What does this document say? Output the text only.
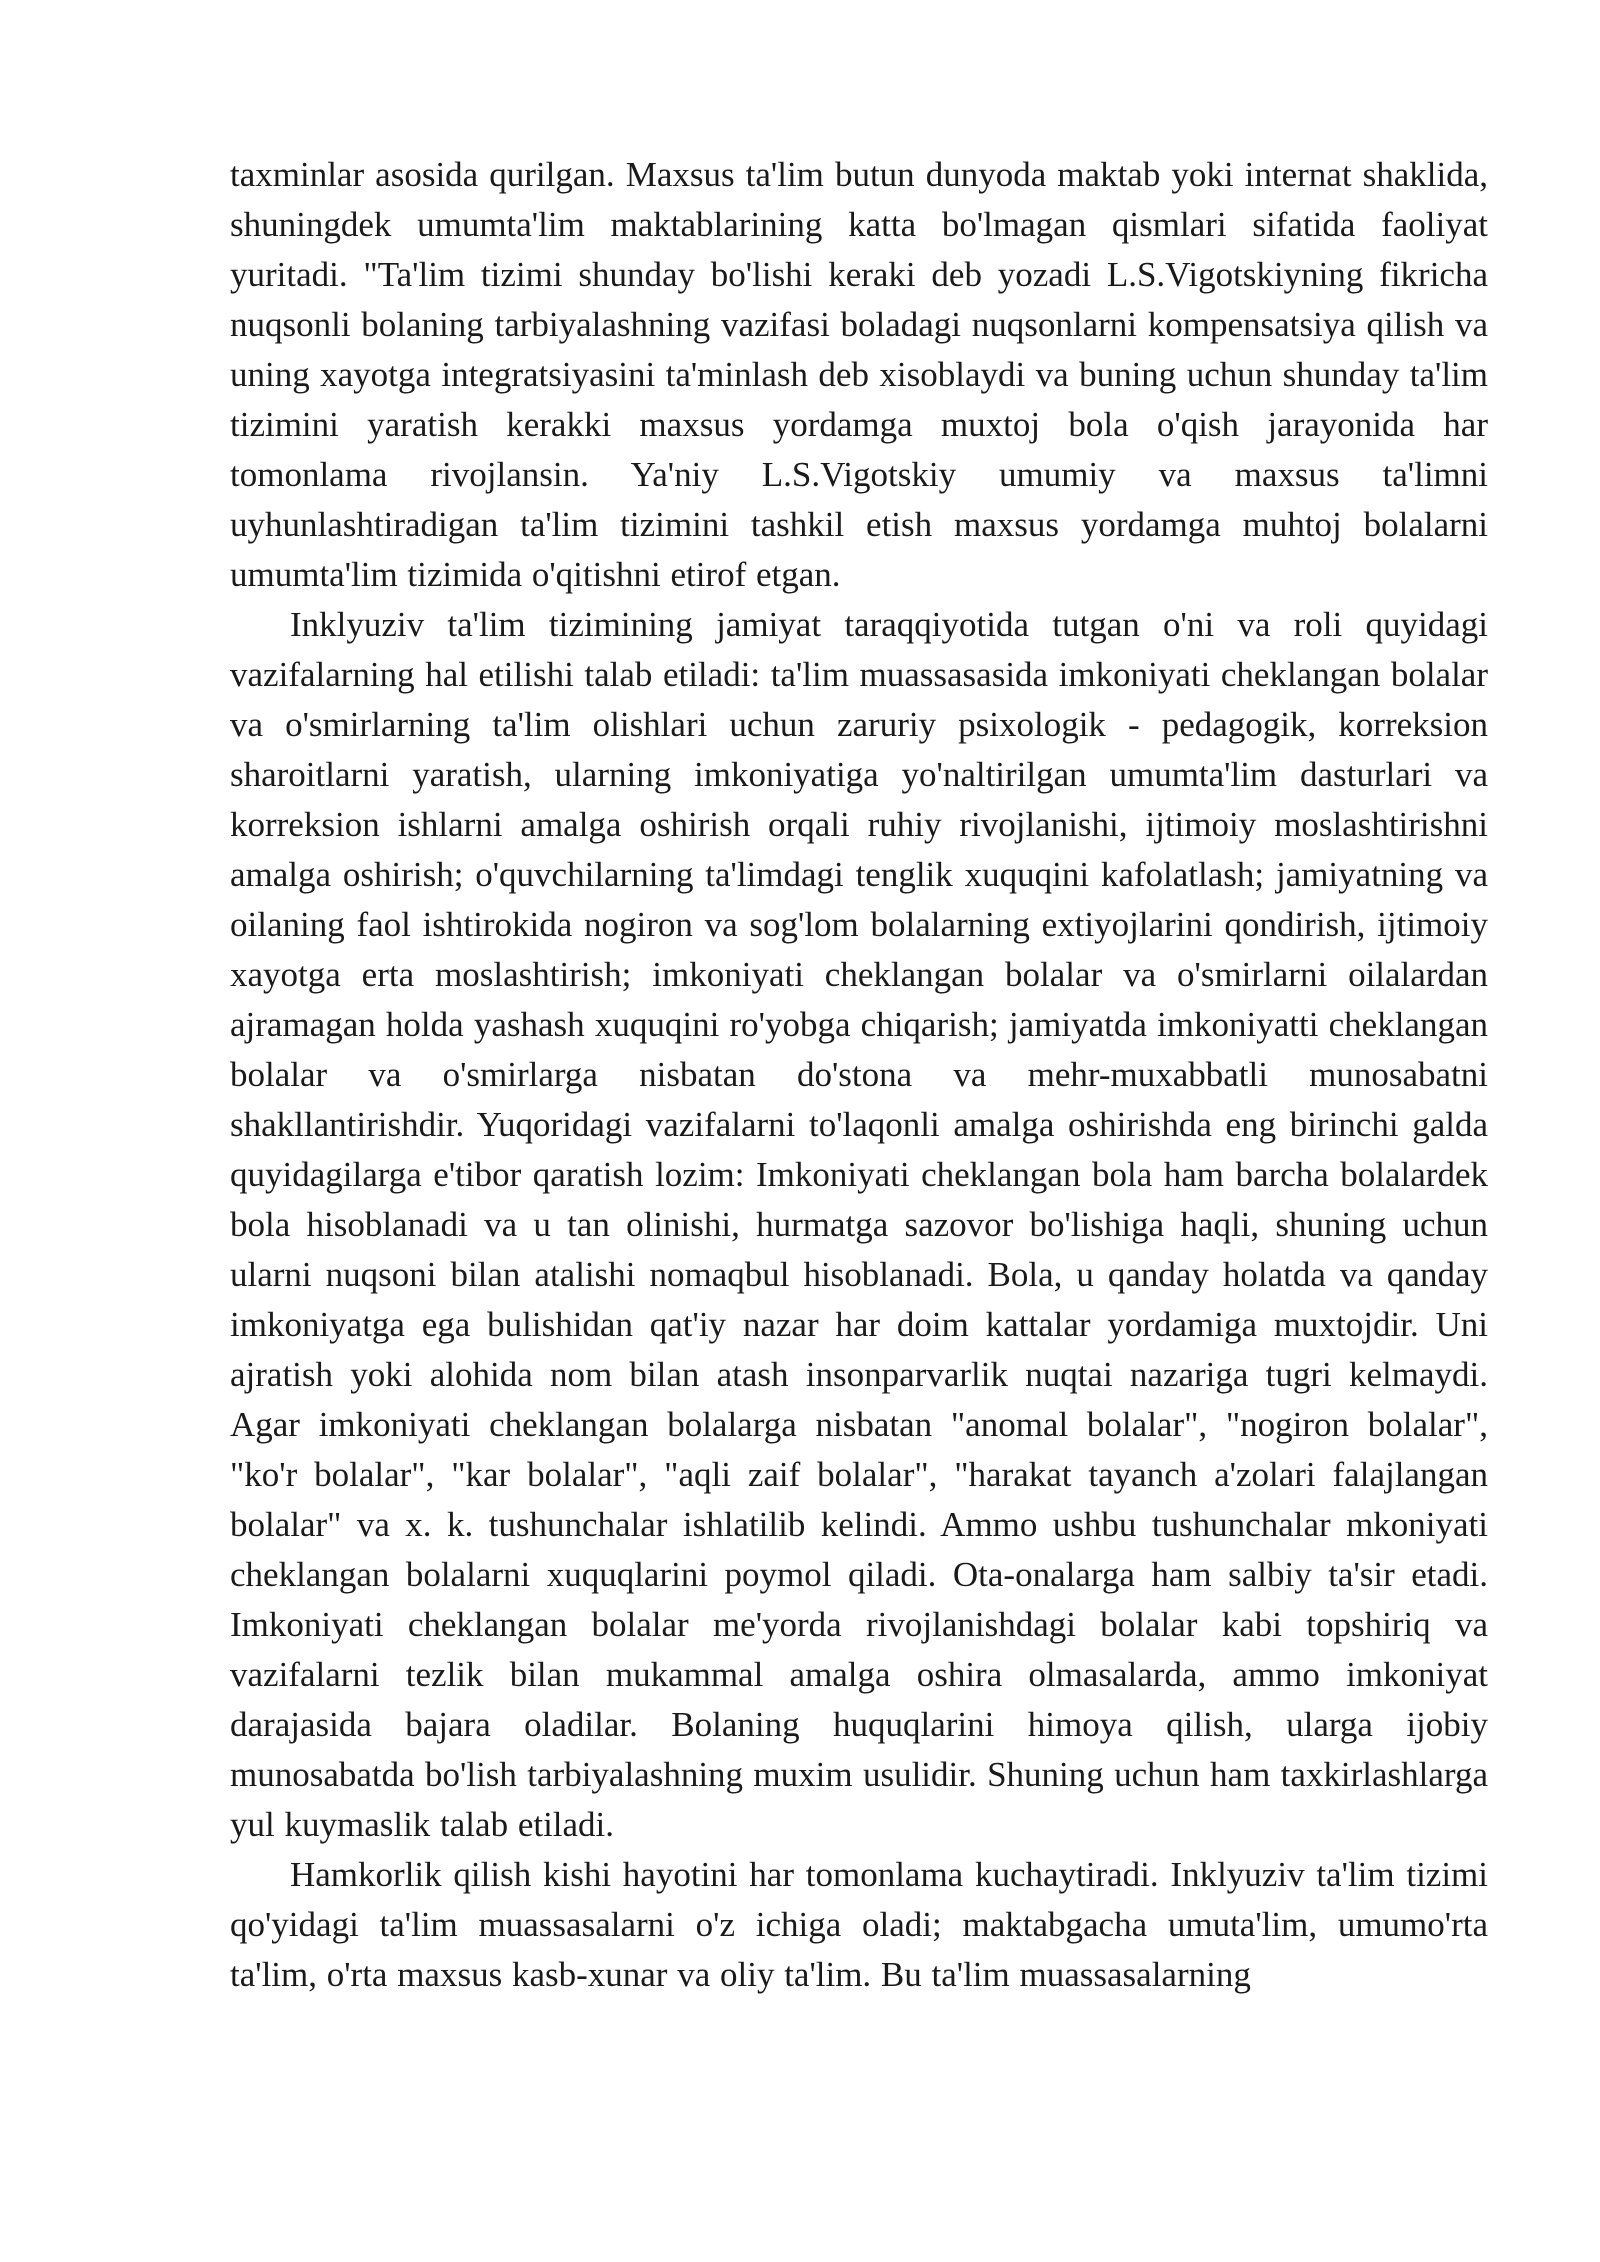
taxminlar asosida qurilgan. Maxsus ta'lim butun dunyoda maktab yoki internat shaklida, shuningdek umumta'lim maktablarining katta bo'lmagan qismlari sifatida faoliyat yuritadi. "Ta'lim tizimi shunday bo'lishi keraki deb yozadi L.S.Vigotskiyning fikricha nuqsonli bolaning tarbiyalashning vazifasi boladagi nuqsonlarni kompensatsiya qilish va uning xayotga integratsiyasini ta'minlash deb xisoblaydi va buning uchun shunday ta'lim tizimini yaratish kerakki maxsus yordamga muxtoj bola o'qish jarayonida har tomonlama rivojlansin. Ya'niy L.S.Vigotskiy umumiy va maxsus ta'limni uyhunlashtiradigan ta'lim tizimini tashkil etish maxsus yordamga muhtoj bolalarni umumta'lim tizimida o'qitishni etirof etgan.

Inklyuziv ta'lim tizimining jamiyat taraqqiyotida tutgan o'ni va roli quyidagi vazifalarning hal etilishi talab etiladi: ta'lim muassasasida imkoniyati cheklangan bolalar va o'smirlarning ta'lim olishlari uchun zaruriy psixologik - pedagogik, korreksion sharoitlarni yaratish, ularning imkoniyatiga yo'naltirilgan umumta'lim dasturlari va korreksion ishlarni amalga oshirish orqali ruhiy rivojlanishi, ijtimoiy moslashtirishni amalga oshirish; o'quvchilarning ta'limdagi tenglik xuquqini kafolatlash; jamiyatning va oilaning faol ishtirokida nogiron va sog'lom bolalarning extiyojlarini qondirish, ijtimoiy xayotga erta moslashtirish; imkoniyati cheklangan bolalar va o'smirlarni oilalardan ajramagan holda yashash xuquqini ro'yobga chiqarish; jamiyatda imkoniyatti cheklangan bolalar va o'smirlarga nisbatan do'stona va mehr-muxabbatli munosabatni shakllantirishdir. Yuqoridagi vazifalarni to'laqonli amalga oshirishda eng birinchi galda quyidagilarga e'tibor qaratish lozim: Imkoniyati cheklangan bola ham barcha bolalardek bola hisoblanadi va u tan olinishi, hurmatga sazovor bo'lishiga haqli, shuning uchun ularni nuqsoni bilan atalishi nomaqbul hisoblanadi. Bola, u qanday holatda va qanday imkoniyatga ega bulishidan qat'iy nazar har doim kattalar yordamiga muxtojdir. Uni ajratish yoki alohida nom bilan atash insonparvarlik nuqtai nazariga tugri kelmaydi. Agar imkoniyati cheklangan bolalarga nisbatan "anomal bolalar", "nogiron bolalar", "ko'r bolalar", "kar bolalar", "aqli zaif bolalar", "harakat tayanch a'zolari falajlangan bolalar" va x. k. tushunchalar ishlatilib kelindi. Ammo ushbu tushunchalar mkoniyati cheklangan bolalarni xuquqlarini poymol qiladi. Ota-onalarga ham salbiy ta'sir etadi. Imkoniyati cheklangan bolalar me'yorda rivojlanishdagi bolalar kabi topshiriq va vazifalarni tezlik bilan mukammal amalga oshira olmasalarda, ammo imkoniyat darajasida bajara oladilar. Bolaning huquqlarini himoya qilish, ularga ijobiy munosabatda bo'lish tarbiyalashning muxim usulidir. Shuning uchun ham taxkirlashlarga yul kuymaslik talab etiladi.

Hamkorlik qilish kishi hayotini har tomonlama kuchaytiradi. Inklyuziv ta'lim tizimi qo'yidagi ta'lim muassasalarni o'z ichiga oladi; maktabgacha umuta'lim, umumo'rta ta'lim, o'rta maxsus kasb-xunar va oliy ta'lim. Bu ta'lim muassasalarning
